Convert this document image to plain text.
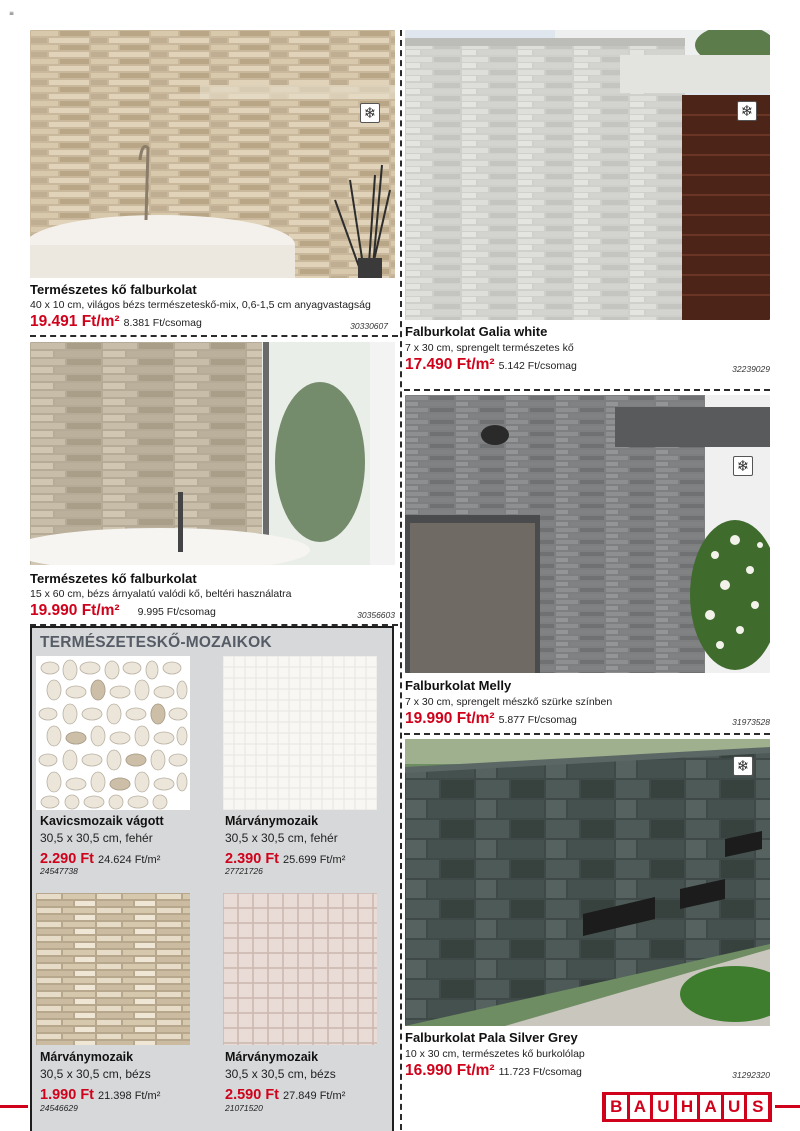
≡
❄
Természetes kő falburkolat
40 x 10 cm, világos bézs természeteskő-mix, 0,6-1,5 cm anyagvastagság
19.491 Ft/m² 8.381 Ft/csomag	30330607
Természetes kő falburkolat
15 x 60 cm, bézs árnyalatú valódi kő, beltéri használatra
19.990 Ft/m² 9.995 Ft/csomag	30356603
❄
Falburkolat Galia white
7 x 30 cm, sprengelt természetes kő
17.490 Ft/m² 5.142 Ft/csomag	32239029
❄
Falburkolat Melly
7 x 30 cm, sprengelt mészkő szürke színben
19.990 Ft/m² 5.877 Ft/csomag	31973528
❄
Falburkolat Pala Silver Grey
10 x 30 cm, természetes kő burkolólap
16.990 Ft/m² 11.723 Ft/csomag	31292320
TERMÉSZETESKŐ-MOZAIKOK
Kavicsmozaik vágott
30,5 x 30,5 cm, fehér
2.290 Ft 24.624 Ft/m²
24547738
Márványmozaik
30,5 x 30,5 cm, fehér
2.390 Ft 25.699 Ft/m²
27721726
Márványmozaik
30,5 x 30,5 cm, bézs
1.990 Ft 21.398 Ft/m²
24546629
Márványmozaik
30,5 x 30,5 cm, bézs
2.590 Ft 27.849 Ft/m²
21071520	B A U H A U S
